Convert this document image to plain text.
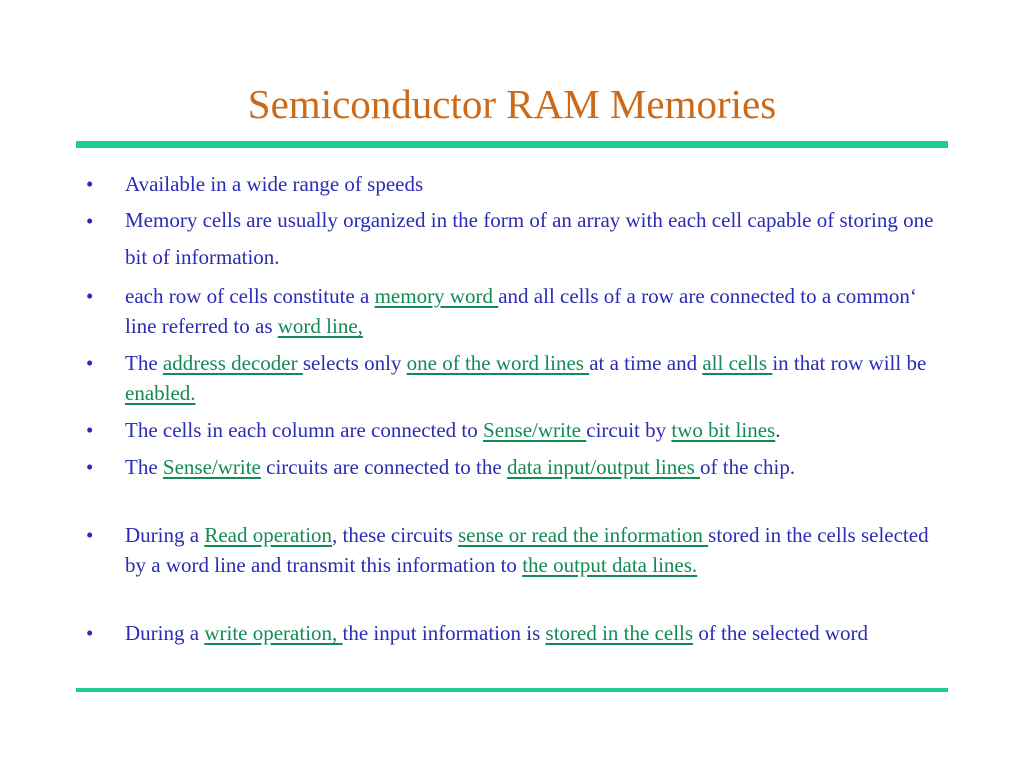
Semiconductor RAM Memories
• Available in a wide range of speeds
• Memory cells are usually organized in the form of an array with each cell capable of storing one bit of information.
• each row of cells constitute a memory word and all cells of a row are connected to a common‘ line referred to as word line,
• The address decoder selects only one of the word lines at a time and all cells in that row will be enabled.
• The cells in each column are connected to Sense/write circuit by two bit lines.
• The Sense/write circuits are connected to the data input/output lines of the chip.
• During a Read operation, these circuits sense or read the information stored in the cells selected by a word line and transmit this information to the output data lines.
• During a write operation, the input information is stored in the cells of the selected word
